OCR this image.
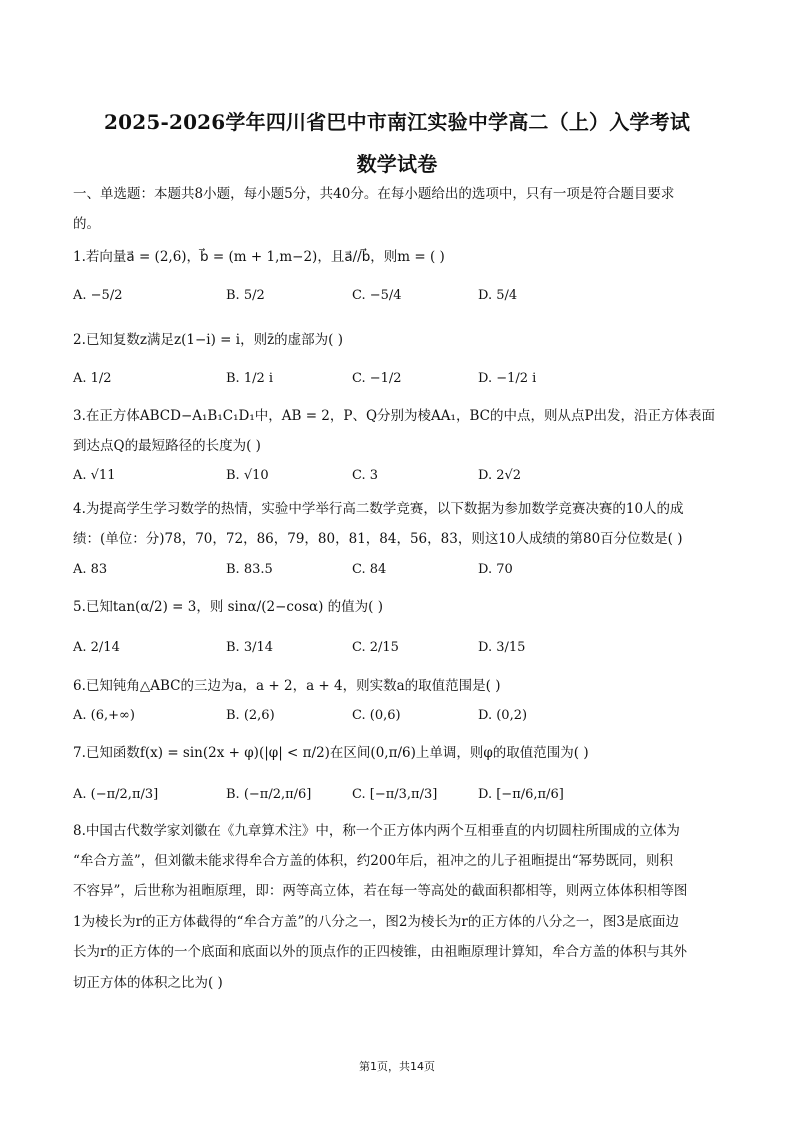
2025-2026学年四川省巴中市南江实验中学高二（上）入学考试
数学试卷
一、单选题：本题共8小题，每小题5分，共40分。在每小题给出的选项中，只有一项是符合题目要求
的。
1.若向量a⃗ = (2,6)，b⃗ = (m + 1,m−2)，且a⃗//b⃗，则m = ( )
A. −5/2	B. 5/2	C. −5/4	D. 5/4
2.已知复数z满足z(1−i) = i，则z̄的虚部为( )
A. 1/2	B. 1/2 i	C. −1/2	D. −1/2 i
3.在正方体ABCD−A₁B₁C₁D₁中，AB = 2，P、Q分别为棱AA₁，BC的中点，则从点P出发，沿正方体表面
到达点Q的最短路径的长度为( )
A. √11	B. √10	C. 3	D. 2√2
4.为提高学生学习数学的热情，实验中学举行高二数学竞赛，以下数据为参加数学竞赛决赛的10人的成
绩：(单位：分)78，70，72，86，79，80，81，84，56，83，则这10人成绩的第80百分位数是( )
A. 83	B. 83.5	C. 84	D. 70
5.已知tan(α/2) = 3，则 sinα/(2−cosα) 的值为( )
A. 2/14	B. 3/14	C. 2/15	D. 3/15
6.已知钝角△ABC的三边为a，a + 2，a + 4，则实数a的取值范围是( )
A. (6,+∞)	B. (2,6)	C. (0,6)	D. (0,2)
7.已知函数f(x) = sin(2x + φ)(|φ| < π/2)在区间(0,π/6)上单调，则φ的取值范围为( )
A. (−π/2,π/3]	B. (−π/2,π/6]	C. [−π/3,π/3]	D. [−π/6,π/6]
8.中国古代数学家刘徽在《九章算术注》中，称一个正方体内两个互相垂直的内切圆柱所围成的立体为
“牟合方盖”，但刘徽未能求得牟合方盖的体积，约200年后，祖冲之的儿子祖暅提出“幂势既同，则积
不容异”，后世称为祖暅原理，即：两等高立体，若在每一等高处的截面积都相等，则两立体体积相等图
1为棱长为r的正方体截得的“牟合方盖”的八分之一，图2为棱长为r的正方体的八分之一，图3是底面边
长为r的正方体的一个底面和底面以外的顶点作的正四棱锥，由祖暅原理计算知，牟合方盖的体积与其外
切正方体的体积之比为( )
第1页，共14页
